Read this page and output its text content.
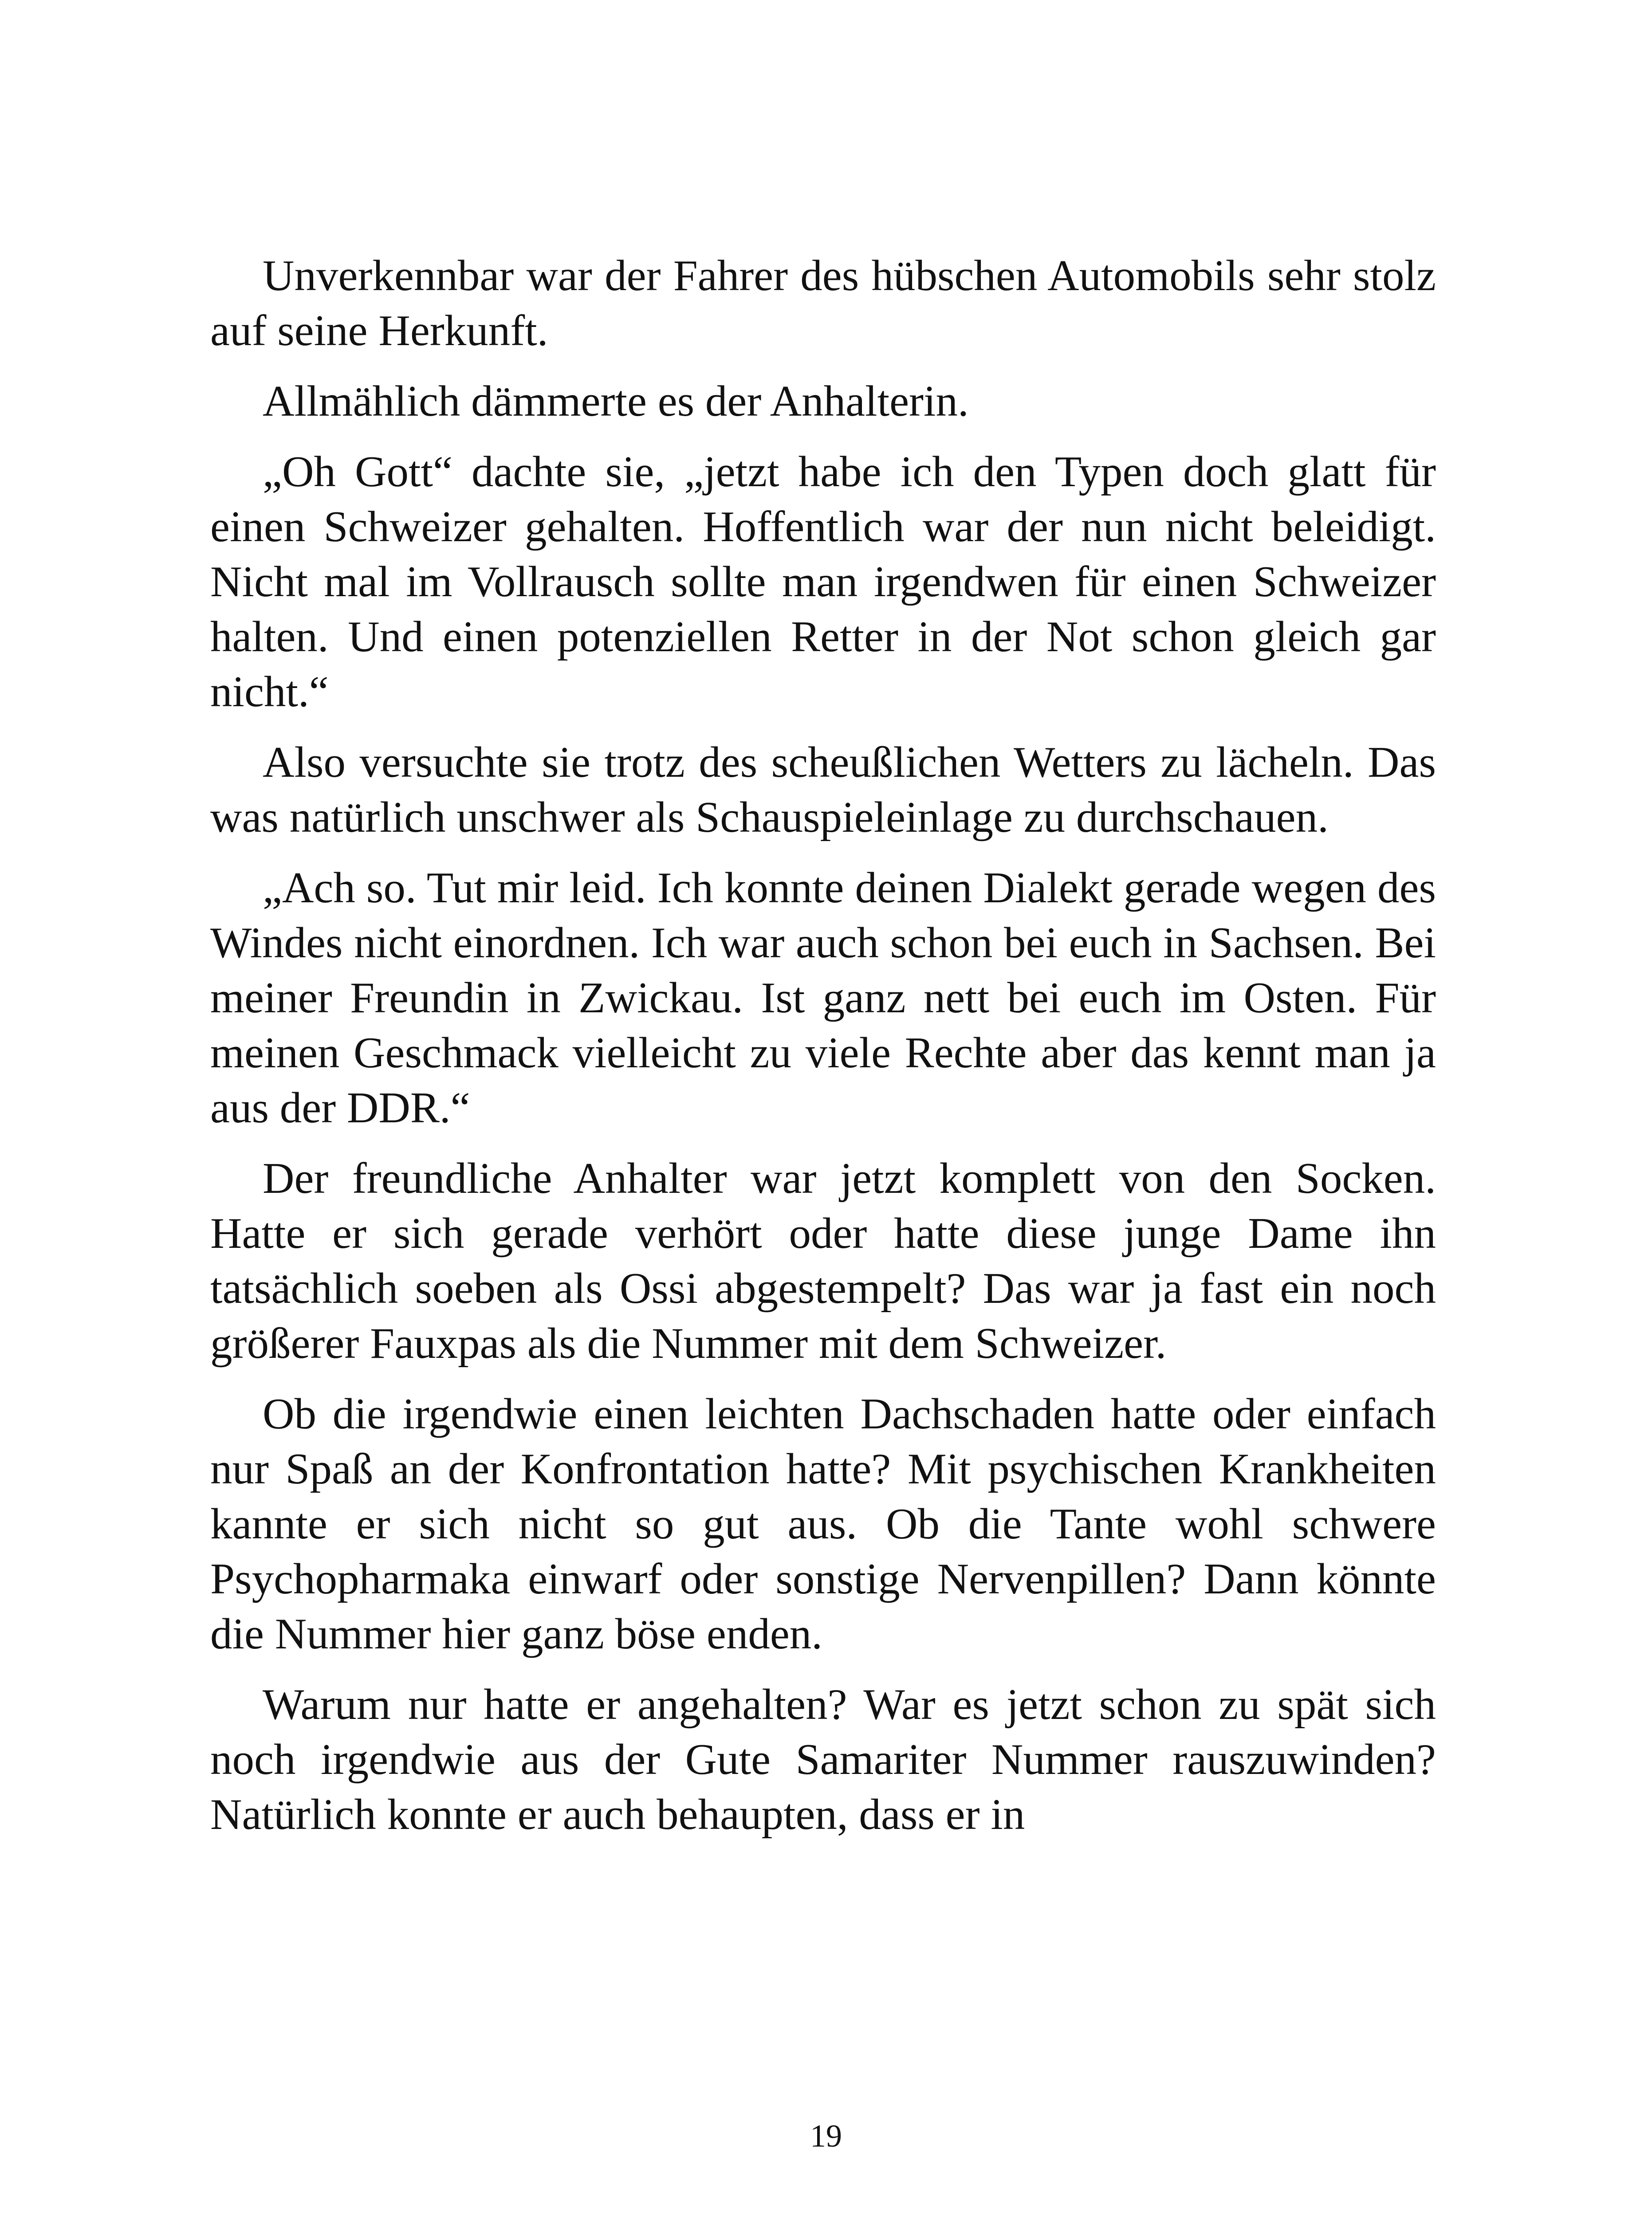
Unverkennbar war der Fahrer des hübschen Automobils sehr stolz auf seine Herkunft.

Allmählich dämmerte es der Anhalterin.

„Oh Gott“ dachte sie, „jetzt habe ich den Typen doch glatt für einen Schweizer gehalten. Hoffentlich war der nun nicht beleidigt. Nicht mal im Vollrausch sollte man irgendwen für einen Schweizer halten. Und einen potenziellen Retter in der Not schon gleich gar nicht.“

Also versuchte sie trotz des scheußlichen Wetters zu lächeln. Das was natürlich unschwer als Schauspieleinlage zu durchschauen.

„Ach so. Tut mir leid. Ich konnte deinen Dialekt gerade wegen des Windes nicht einordnen. Ich war auch schon bei euch in Sachsen. Bei meiner Freundin in Zwickau. Ist ganz nett bei euch im Osten. Für meinen Geschmack vielleicht zu viele Rechte aber das kennt man ja aus der DDR.“

Der freundliche Anhalter war jetzt komplett von den Socken. Hatte er sich gerade verhört oder hatte diese junge Dame ihn tatsächlich soeben als Ossi abgestempelt? Das war ja fast ein noch größerer Fauxpas als die Nummer mit dem Schweizer.

Ob die irgendwie einen leichten Dachschaden hatte oder einfach nur Spaß an der Konfrontation hatte? Mit psychischen Krankheiten kannte er sich nicht so gut aus. Ob die Tante wohl schwere Psychopharmaka einwarf oder sonstige Nervenpillen? Dann könnte die Nummer hier ganz böse enden.

Warum nur hatte er angehalten? War es jetzt schon zu spät sich noch irgendwie aus der Gute Samariter Nummer rauszuwinden? Natürlich konnte er auch behaupten, dass er in

19
